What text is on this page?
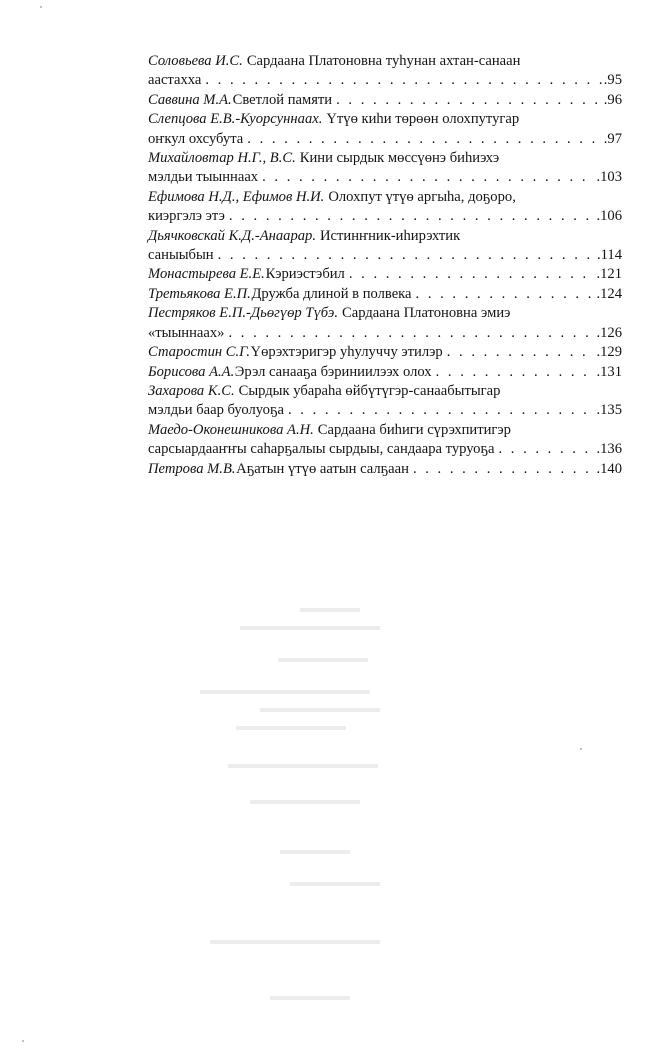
Соловьева И.С. Сардаана Платоновна туһунан ахтан-санаан
аастахха . . .	.95
Саввина М.А. Светлой памяти . . .	.96
Слепцова Е.В.-Куорсуннаах. Үтүө киһи төрөөн олохпутугар
оҥкул охсубута . . .	.97
Михайловтар Н.Г., В.С. Кини сырдык мөссүөнэ биһиэхэ
мэлдьи тыыннаах . . .	.103
Ефимова Н.Д., Ефимов Н.И. Олохпут үтүө аргыһа, доҕоро,
киэргэлэ этэ . . .	.106
Дьячковскай К.Д.-Анаарар. Истинҥник-иһирэхтик
саныыбын . . .	.114
Монастырева Е.Е. Кэриэстэбил . . .	.121
Третьякова Е.П. Дружба длиной в полвека . . .	.124
Пестряков Е.П.-Дьөгүөр Түбэ. Сардаана Платоновна эмиэ
«тыыннаах» . . .	.126
Старостин С.Г. Үөрэхтэригэр уһулуччу этилэр . . .	.129
Борисова А.А. Эрэл санааҕа бэриниилээх олох . . .	.131
Захарова К.С. Сырдык убараһа өйбүтүгэр-санаабытыгар
мэлдьи баар буолуоҕа . . .	.135
Маедо-Оконешникова А.Н. Сардаана биһиги сүрэхпитигэр
сарсыардааҥҥы саһарҕалыы сырдыы, сандаара туруоҕа . . .	.136
Петрова М.В. Аҕатын үтүө аатын салҕаан . . .	.140
